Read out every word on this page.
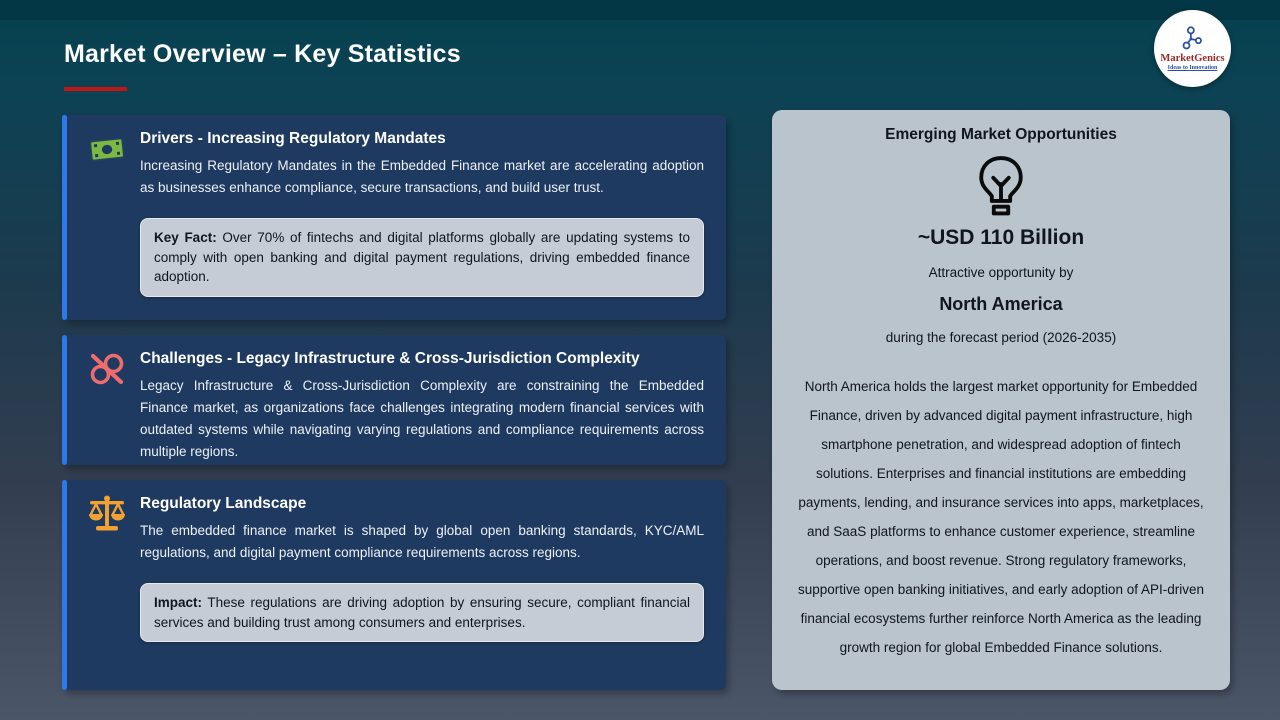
Market Overview – Key Statistics	MarketGenics
Ideas to Innovation
Drivers - Increasing Regulatory Mandates

Increasing Regulatory Mandates in the Embedded Finance market are accelerating adoption as businesses enhance compliance, secure transactions, and build user trust.

Key Fact: Over 70% of fintechs and digital platforms globally are updating systems to comply with open banking and digital payment regulations, driving embedded finance adoption.
Challenges - Legacy Infrastructure & Cross-Jurisdiction Complexity

Legacy Infrastructure & Cross-Jurisdiction Complexity are constraining the Embedded Finance market, as organizations face challenges integrating modern financial services with outdated systems while navigating varying regulations and compliance requirements across multiple regions.

Regulatory Landscape

The embedded finance market is shaped by global open banking standards, KYC/AML regulations, and digital payment compliance requirements across regions.

Impact: These regulations are driving adoption by ensuring secure, compliant financial services and building trust among consumers and enterprises.
Emerging Market Opportunities
~USD 110 Billion
Attractive opportunity by
North America
during the forecast period (2026-2035)

North America holds the largest market opportunity for Embedded Finance, driven by advanced digital payment infrastructure, high smartphone penetration, and widespread adoption of fintech solutions. Enterprises and financial institutions are embedding payments, lending, and insurance services into apps, marketplaces, and SaaS platforms to enhance customer experience, streamline operations, and boost revenue. Strong regulatory frameworks, supportive open banking initiatives, and early adoption of API-driven financial ecosystems further reinforce North America as the leading growth region for global Embedded Finance solutions.
